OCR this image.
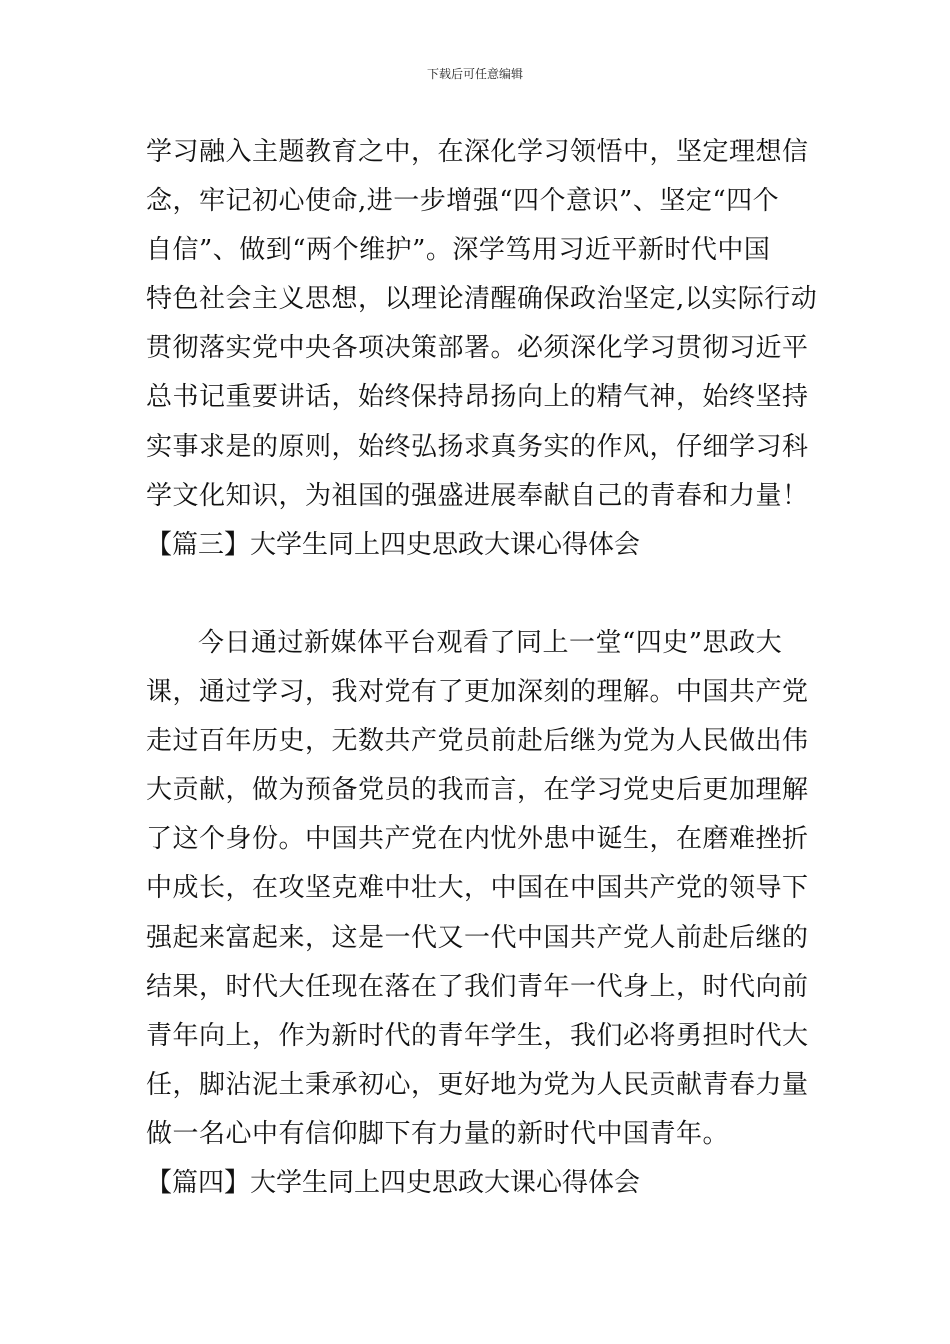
下载后可任意编辑
学习融入主题教育之中，在深化学习领悟中，坚定理想信
念，牢记初心使命,进一步增强“四个意识”、坚定“四个
自信”、做到“两个维护”。深学笃用习近平新时代中国
特色社会主义思想，以理论清醒确保政治坚定,以实际行动
贯彻落实党中央各项决策部署。必须深化学习贯彻习近平
总书记重要讲话，始终保持昂扬向上的精气神，始终坚持
实事求是的原则，始终弘扬求真务实的作风，仔细学习科
学文化知识，为祖国的强盛进展奉献自己的青春和力量！
【篇三】大学生同上四史思政大课心得体会
今日通过新媒体平台观看了同上一堂“四史”思政大
课，通过学习，我对党有了更加深刻的理解。中国共产党
走过百年历史，无数共产党员前赴后继为党为人民做出伟
大贡献，做为预备党员的我而言，在学习党史后更加理解
了这个身份。中国共产党在内忧外患中诞生，在磨难挫折
中成长，在攻坚克难中壮大，中国在中国共产党的领导下
强起来富起来，这是一代又一代中国共产党人前赴后继的
结果，时代大任现在落在了我们青年一代身上，时代向前
青年向上，作为新时代的青年学生，我们必将勇担时代大
任，脚沾泥土秉承初心，更好地为党为人民贡献青春力量
做一名心中有信仰脚下有力量的新时代中国青年。
【篇四】大学生同上四史思政大课心得体会
